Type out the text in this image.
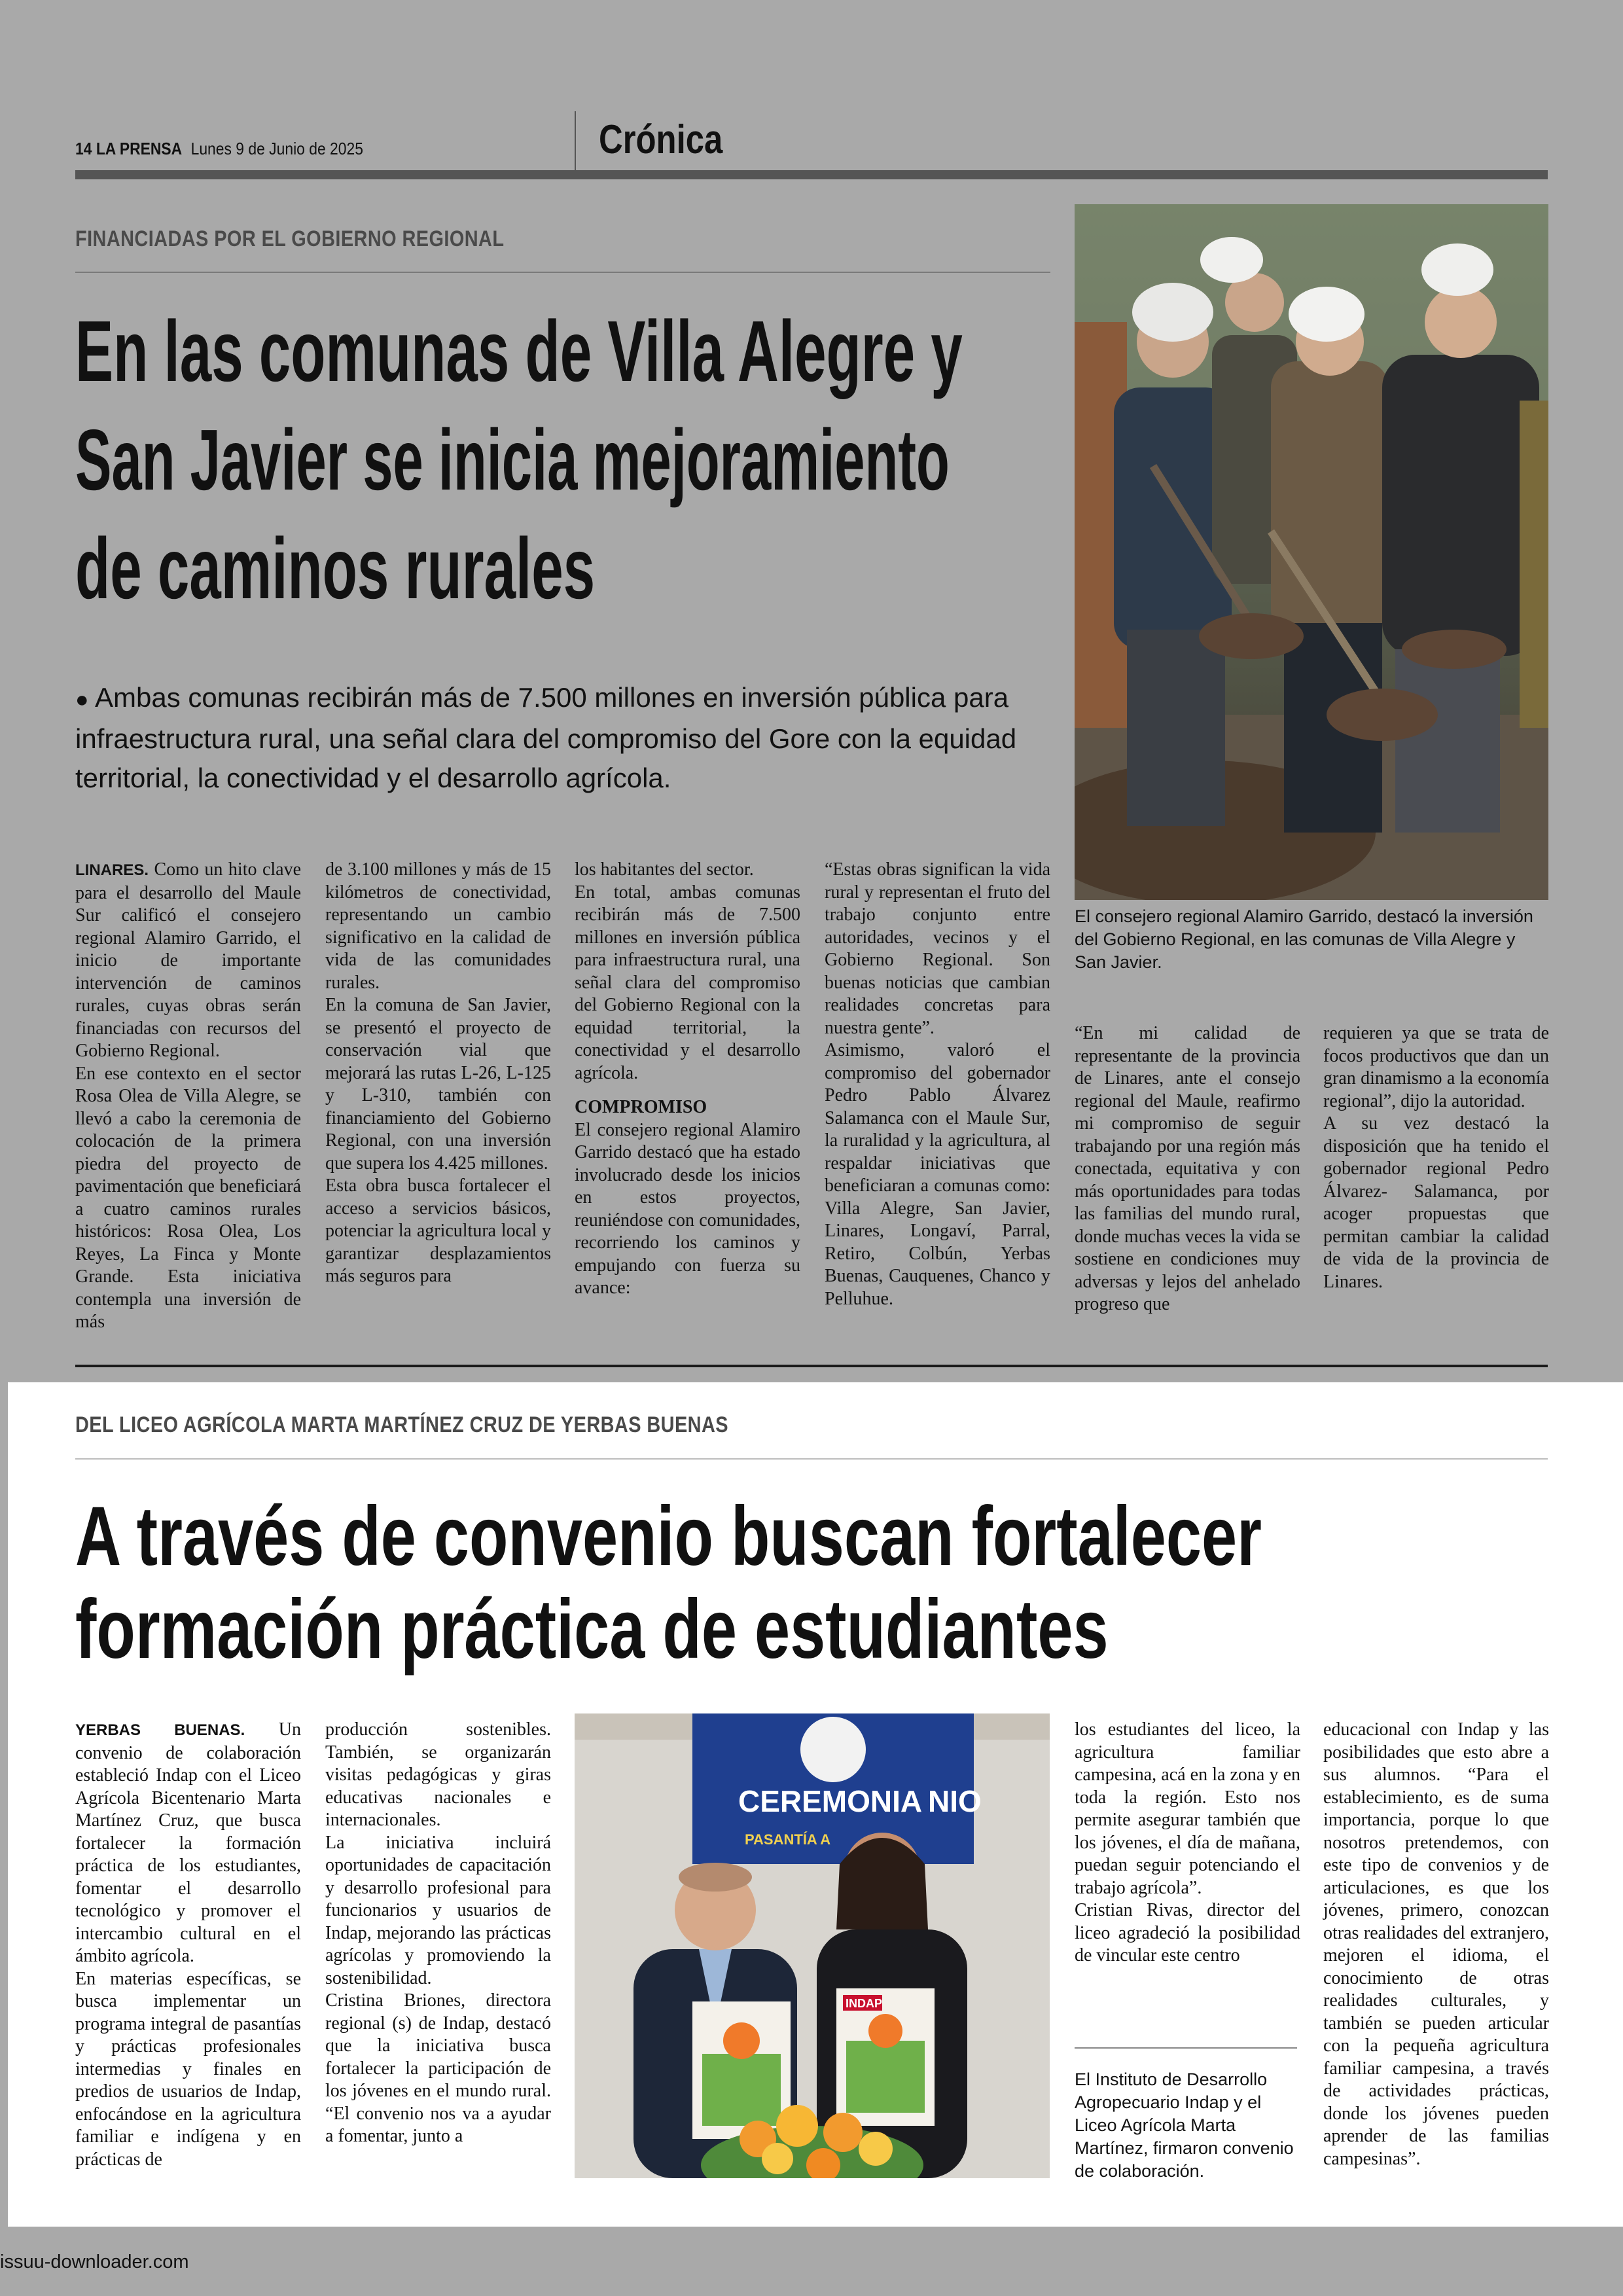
14 LA PRENSA Lunes 9 de Junio de 2025	Crónica
FINANCIADAS POR EL GOBIERNO REGIONAL
En las comunas de Villa Alegre y
San Javier se inicia mejoramiento
de caminos rurales
● Ambas comunas recibirán más de 7.500 millones en inversión pública para infraestructura rural, una señal clara del compromiso del Gore con la equidad territorial, la conectividad y el desarrollo agrícola.
El consejero regional Alamiro Garrido, destacó la inversión del Gobierno Regional, en las comunas de Villa Alegre y San Javier.

LINARES. Como un hito clave para el desarrollo del Maule Sur calificó el consejero regional Alamiro Garrido, el inicio de importante intervención de caminos rurales, cuyas obras serán financiadas con recursos del Gobierno Regional.

En ese contexto en el sector Rosa Olea de Villa Alegre, se llevó a cabo la ceremonia de colocación de la primera piedra del proyecto de pavimentación que beneficiará a cuatro caminos rurales históricos: Rosa Olea, Los Reyes, La Finca y Monte Grande. Esta iniciativa contempla una inversión de más

de 3.100 millones y más de 15 kilómetros de conectividad, representando un cambio significativo en la calidad de vida de las comunidades rurales.

En la comuna de San Javier, se presentó el proyecto de conservación vial que mejorará las rutas L-26, L-125 y L-310, también con financiamiento del Gobierno Regional, con una inversión que supera los 4.425 millones.

Esta obra busca fortalecer el acceso a servicios básicos, potenciar la agricultura local y garantizar desplazamientos más seguros para

los habitantes del sector.

En total, ambas comunas recibirán más de 7.500 millones en inversión pública para infraestructura rural, una señal clara del compromiso del Gobierno Regional con la equidad territorial, la conectividad y el desarrollo agrícola.

COMPROMISO

El consejero regional Alamiro Garrido destacó que ha estado involucrado desde los inicios en estos proyectos, reuniéndose con comunidades, recorriendo los caminos y empujando con fuerza su avance:

“Estas obras significan la vida rural y representan el fruto del trabajo conjunto entre autoridades, vecinos y el Gobierno Regional. Son buenas noticias que cambian realidades concretas para nuestra gente”.

Asimismo, valoró el compromiso del gobernador Pedro Pablo Álvarez Salamanca con el Maule Sur, la ruralidad y la agricultura, al respaldar iniciativas que beneficiaran a comunas como: Villa Alegre, San Javier, Linares, Longaví, Parral, Retiro, Colbún, Yerbas Buenas, Cauquenes, Chanco y Pelluhue.

“En mi calidad de representante de la provincia de Linares, ante el consejo regional del Maule, reafirmo mi compromiso de seguir trabajando por una región más conectada, equitativa y con más oportunidades para todas las familias del mundo rural, donde muchas veces la vida se sostiene en condiciones muy adversas y lejos del anhelado progreso que

requieren ya que se trata de focos productivos que dan un gran dinamismo a la economía regional”, dijo la autoridad.

A su vez destacó la disposición que ha tenido el gobernador regional Pedro Álvarez- Salamanca, por acoger propuestas que permitan cambiar la calidad de vida de la provincia de Linares.

DEL LICEO AGRÍCOLA MARTA MARTÍNEZ CRUZ DE YERBAS BUENAS
A través de convenio buscan fortalecer
formación práctica de estudiantes
CEREMONIA NIO
PASANTÍA A
INDAP
El Instituto de Desarrollo Agropecuario Indap y el Liceo Agrícola Marta Martínez, firmaron convenio de colaboración.

YERBAS BUENAS. Un convenio de colaboración estableció Indap con el Liceo Agrícola Bicentenario Marta Martínez Cruz, que busca fortalecer la formación práctica de los estudiantes, fomentar el desarrollo tecnológico y promover el intercambio cultural en el ámbito agrícola.

En materias específicas, se busca implementar un programa integral de pasantías y prácticas profesionales intermedias y finales en predios de usuarios de Indap, enfocándose en la agricultura familiar e indígena y en prácticas de

producción sostenibles. También, se organizarán visitas pedagógicas y giras educativas nacionales e internacionales.

La iniciativa incluirá oportunidades de capacitación y desarrollo profesional para funcionarios y usuarios de Indap, mejorando las prácticas agrícolas y promoviendo la sostenibilidad.

Cristina Briones, directora regional (s) de Indap, destacó que la iniciativa busca fortalecer la participación de los jóvenes en el mundo rural. “El convenio nos va a ayudar a fomentar, junto a

los estudiantes del liceo, la agricultura familiar campesina, acá en la zona y en toda la región. Esto nos permite asegurar también que los jóvenes, el día de mañana, puedan seguir potenciando el trabajo agrícola”.

Cristian Rivas, director del liceo agradeció la posibilidad de vincular este centro

educacional con Indap y las posibilidades que esto abre a sus alumnos. “Para el establecimiento, es de suma importancia, porque lo que nosotros pretendemos, con este tipo de convenios y de articulaciones, es que los jóvenes, primero, conozcan otras realidades del extranjero, mejoren el idioma, el conocimiento de otras realidades culturales, y también se pueden articular con la pequeña agricultura familiar campesina, a través de actividades prácticas, donde los jóvenes pueden aprender de las familias campesinas”.

issuu-downloader.com
